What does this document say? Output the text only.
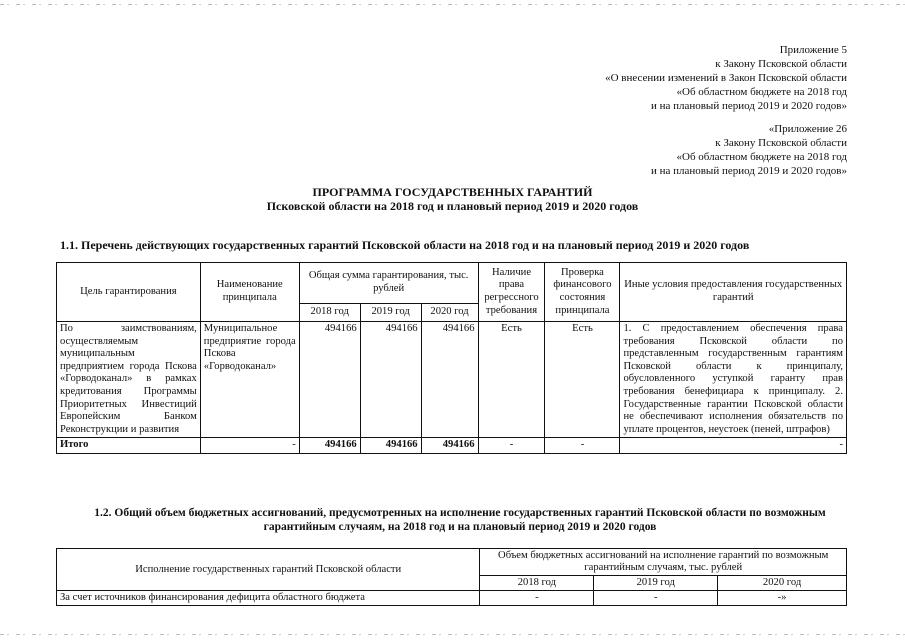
Приложение 5
к Закону Псковской области
«О внесении изменений в Закон Псковской области
«Об областном бюджете на 2018 год
и на плановый период 2019 и 2020 годов»
«Приложение 26
к Закону Псковской области
«Об областном бюджете на 2018 год
и на плановый период 2019 и 2020 годов»
ПРОГРАММА ГОСУДАРСТВЕННЫХ ГАРАНТИЙ
Псковской области на 2018 год и плановый период 2019 и 2020 годов
1.1. Перечень действующих государственных гарантий Псковской области на 2018 год и на плановый период 2019 и 2020 годов
Цель гарантирования	Наименование принципала	Общая сумма гарантирования, тыс. рублей			Наличие права регрессного требования	Проверка финансового состояния принципала	Иные условия предоставления государственных гарантий
		2018 год	2019 год	2020 год			
По заимствованиям, осуществляемым муниципальным предприятием города Пскова «Горводоканал» в рамках кредитования Программы Приоритетных Инвестиций Европейским Банком Реконструкции и развития	Муниципальное предприятие города Пскова «Горводоканал»	494166	494166	494166	Есть	Есть	1. С предоставлением обеспечения права требования Псковской области по представленным государственным гарантиям Псковской области к принципалу, обусловленного уступкой гаранту прав требования бенефициара к принципалу. 2. Государственные гарантии Псковской области не обеспечивают исполнения обязательств по уплате процентов, неустоек (пеней, штрафов)
Итого	-	494166	494166	494166	-	-	-
1.2. Общий объем бюджетных ассигнований, предусмотренных на исполнение государственных гарантий Псковской области по возможным гарантийным случаям, на 2018 год и на плановый период 2019 и 2020 годов
Исполнение государственных гарантий Псковской области	Объем бюджетных ассигнований на исполнение гарантий по возможным гарантийным случаям, тыс. рублей		
	2018 год	2019 год	2020 год
За счет источников финансирования дефицита областного бюджета	-	-	-»
